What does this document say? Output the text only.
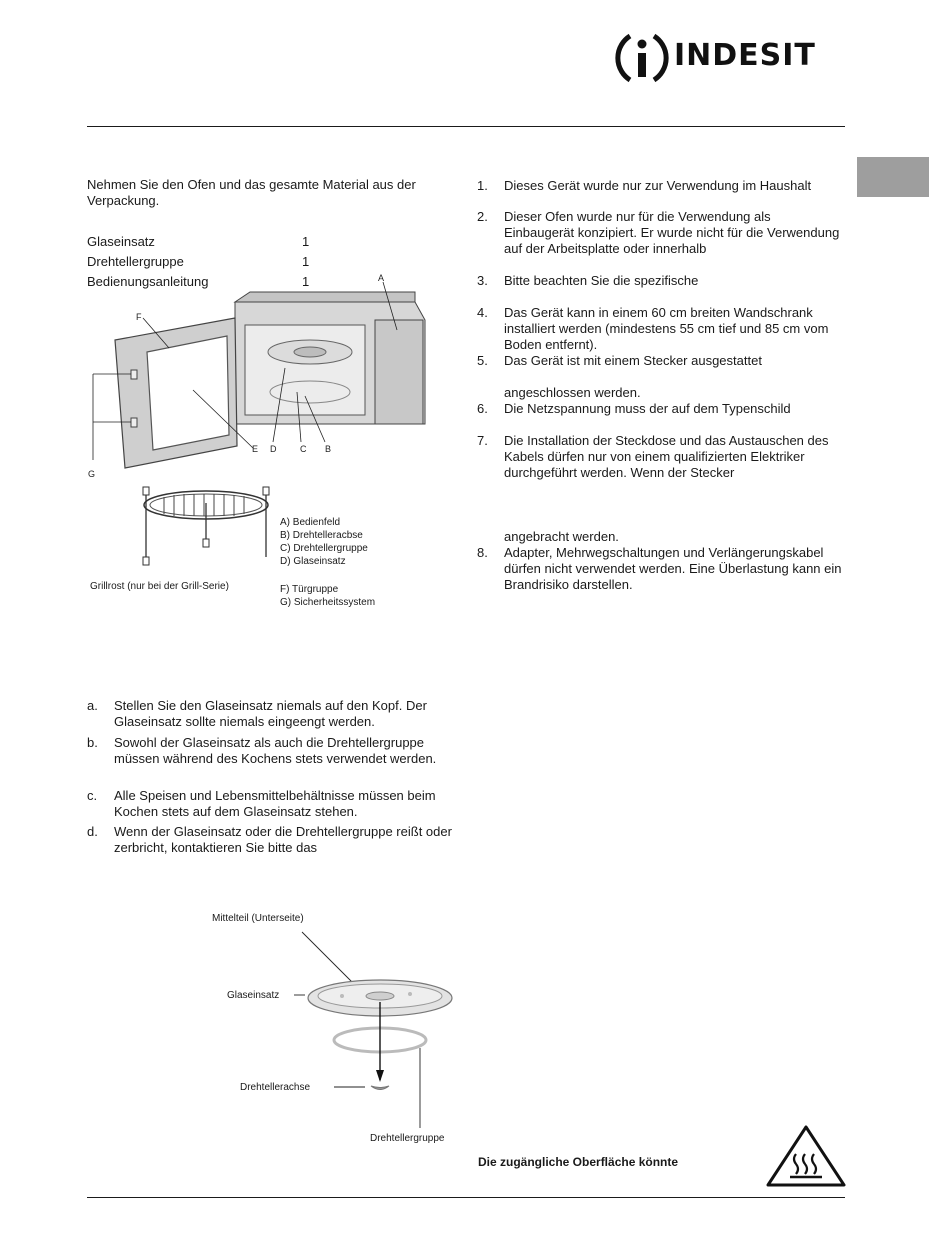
INDESIT
Nehmen Sie den Ofen und das gesamte Material aus der Verpackung.
Glaseinsatz	1
Drehtellergruppe	1
Bedienungsanleitung	1	A
F
G
E D	C B
Grillrost (nur bei der Grill-Serie)
A) Bedienfeld
B) Drehtelleracbse
C) Drehtellergruppe
D) Glaseinsatz
F) Türgruppe
G) Sicherheitssystem
a. Stellen Sie den Glaseinsatz niemals auf den Kopf. Der Glaseinsatz sollte niemals eingeengt werden.
b. Sowohl der Glaseinsatz als auch die Drehtellergruppe müssen während des Kochens stets verwendet werden.
c. Alle Speisen und Lebensmittelbehältnisse müssen beim Kochen stets auf dem Glaseinsatz stehen.
d. Wenn der Glaseinsatz oder die Drehtellergruppe reißt oder zerbricht, kontaktieren Sie bitte das
Mittelteil (Unterseite)
Glaseinsatz
Drehtellerachse
Drehtellergruppe
1. Dieses Gerät wurde nur zur Verwendung im Haushalt
2. Dieser Ofen wurde nur für die Verwendung als Einbaugerät konzipiert. Er wurde nicht für die Verwendung auf der Arbeitsplatte oder innerhalb
3. Bitte beachten Sie die spezifische
4. Das Gerät kann in einem 60 cm breiten Wandschrank installiert werden (mindestens 55 cm tief und 85 cm vom Boden entfernt).
5. Das Gerät ist mit einem Stecker ausgestattet
angeschlossen werden.
6. Die Netzspannung muss der auf dem Typenschild
7. Die Installation der Steckdose und das Austauschen des Kabels dürfen nur von einem qualifizierten Elektriker durchgeführt werden. Wenn der Stecker
angebracht werden.
8. Adapter, Mehrwegschaltungen und Verlängerungskabel dürfen nicht verwendet werden. Eine Überlastung kann ein Brandrisiko darstellen.
Die zugängliche Oberfläche könnte
